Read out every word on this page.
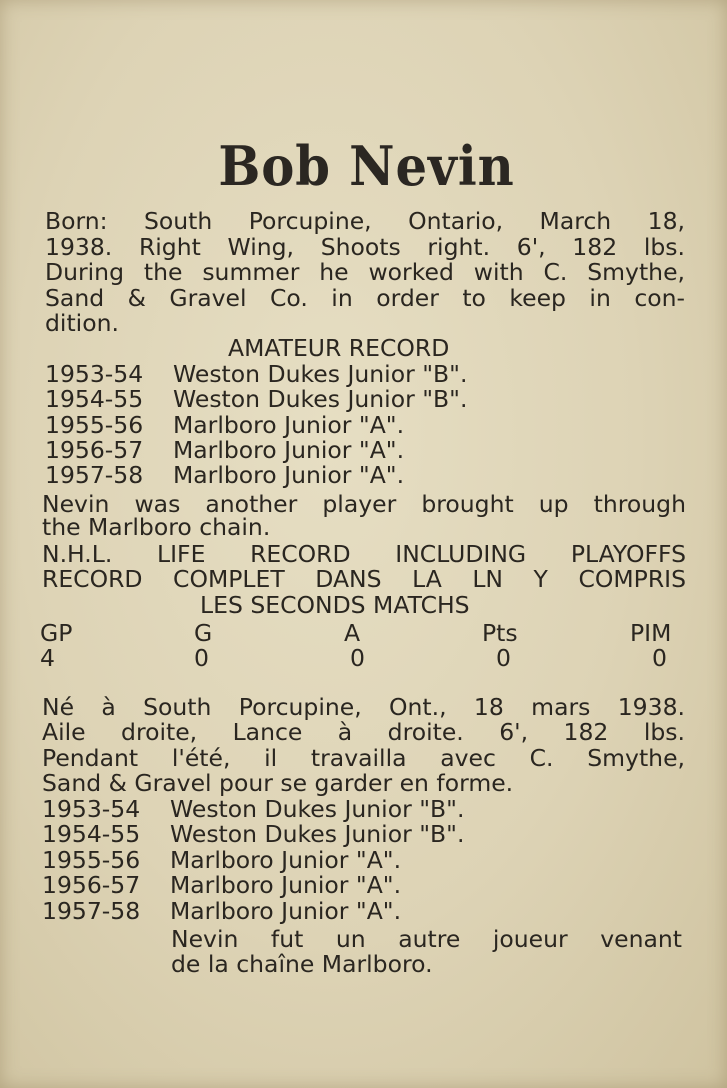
Bob Nevin

Born: South Porcupine, Ontario, March 18,

1938. Right Wing, Shoots right. 6', 182 lbs.

During the summer he worked with C. Smythe,

Sand & Gravel Co. in order to keep in con-

dition.

AMATEUR RECORD

1953-54 Weston Dukes Junior "B".

1954-55 Weston Dukes Junior "B".

1955-56 Marlboro Junior "A".

1956-57 Marlboro Junior "A".

1957-58 Marlboro Junior "A".

Nevin was another player brought up through

the Marlboro chain.

N.H.L. LIFE RECORD INCLUDING PLAYOFFS

RECORD COMPLET DANS LA LN Y COMPRIS

LES SECONDS MATCHS

GP	G	A	Pts	PIM
4	0	0	0	0

Né à South Porcupine, Ont., 18 mars 1938.

Aile droite, Lance à droite. 6', 182 lbs.

Pendant l'été, il travailla avec C. Smythe,

Sand & Gravel pour se garder en forme.

1953-54 Weston Dukes Junior "B".

1954-55 Weston Dukes Junior "B".

1955-56 Marlboro Junior "A".

1956-57 Marlboro Junior "A".

1957-58 Marlboro Junior "A".

Nevin fut un autre joueur venant

de la chaîne Marlboro.
